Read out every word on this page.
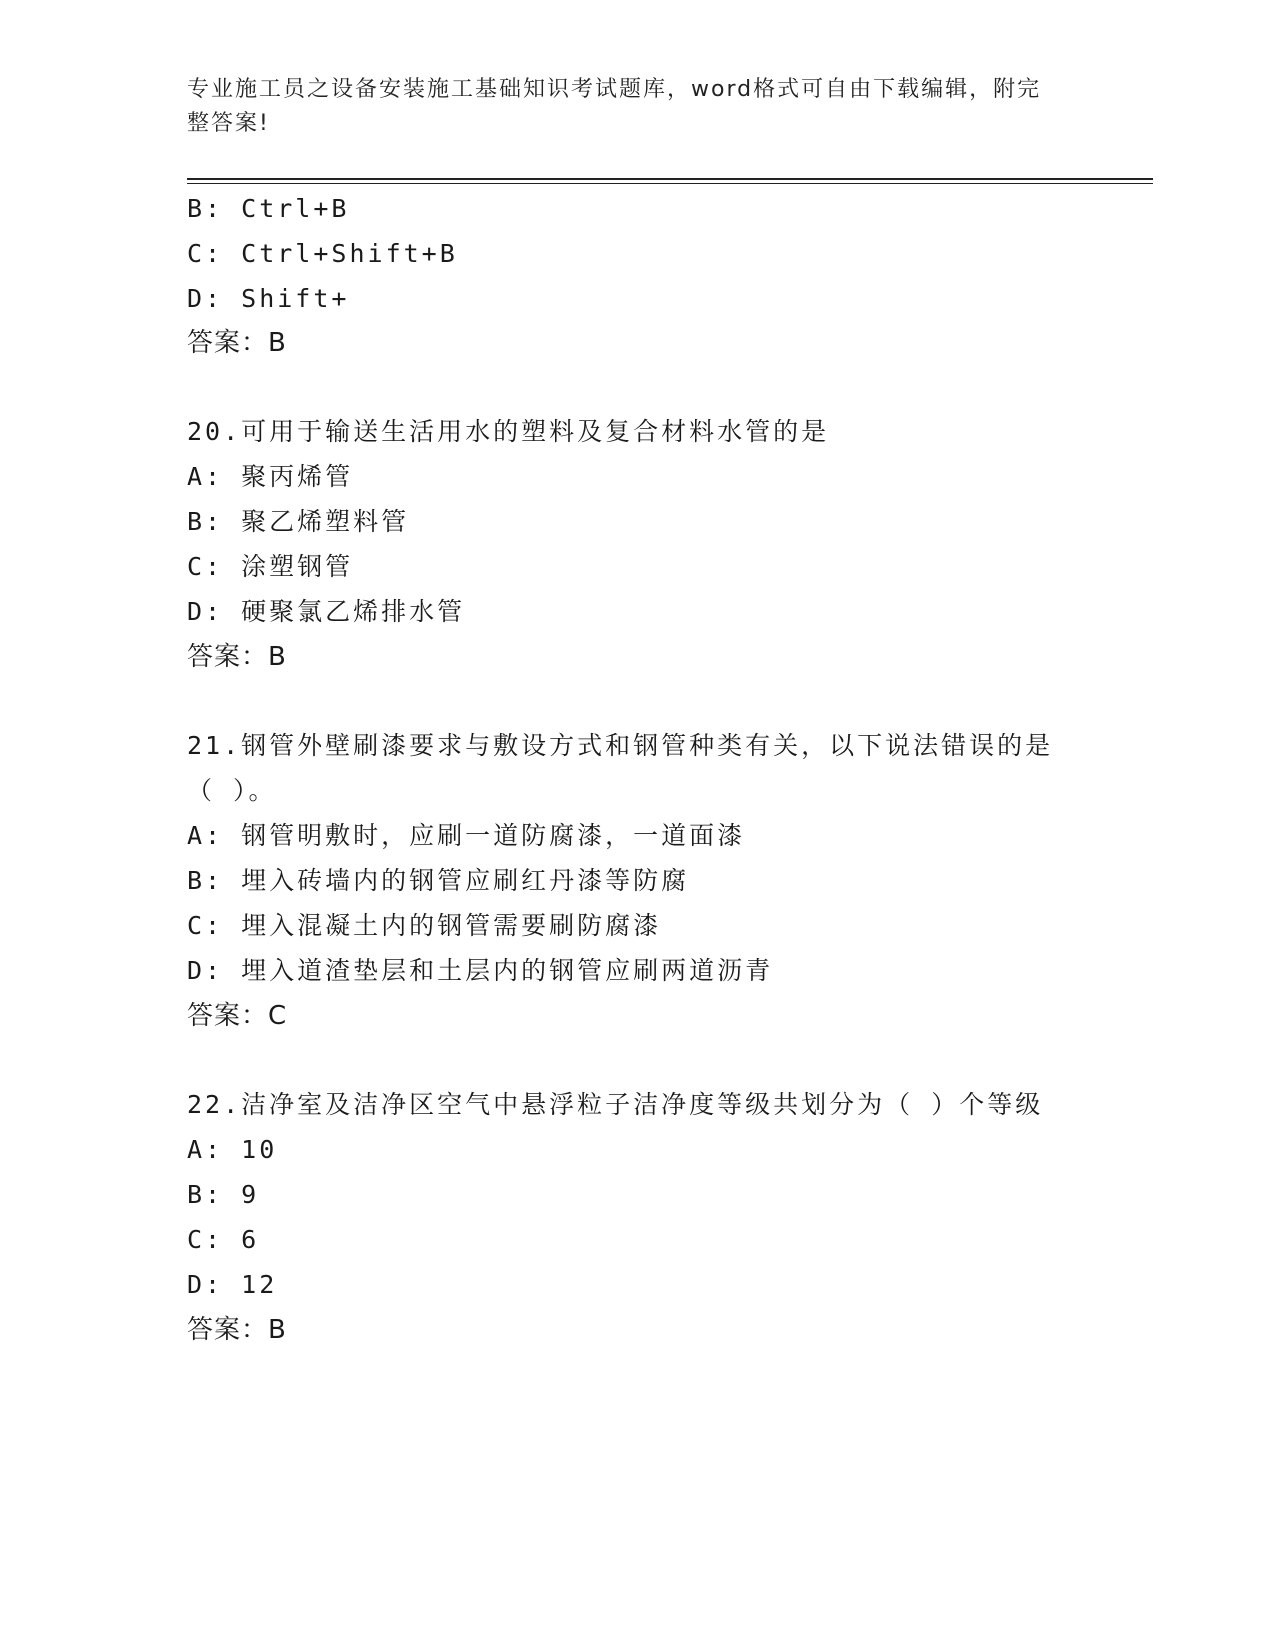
专业施工员之设备安装施工基础知识考试题库，word格式可自由下载编辑，附完
整答案!
B: Ctrl+B
C: Ctrl+Shift+B
D: Shift+
答案：B
20.可用于输送生活用水的塑料及复合材料水管的是
A: 聚丙烯管
B: 聚乙烯塑料管
C: 涂塑钢管
D: 硬聚氯乙烯排水管
答案：B
21.钢管外壁刷漆要求与敷设方式和钢管种类有关，以下说法错误的是
（ ）。
A: 钢管明敷时，应刷一道防腐漆，一道面漆
B: 埋入砖墙内的钢管应刷红丹漆等防腐
C: 埋入混凝土内的钢管需要刷防腐漆
D: 埋入道渣垫层和土层内的钢管应刷两道沥青
答案：C
22.洁净室及洁净区空气中悬浮粒子洁净度等级共划分为（ ）个等级
A: 10
B: 9
C: 6
D: 12
答案：B
